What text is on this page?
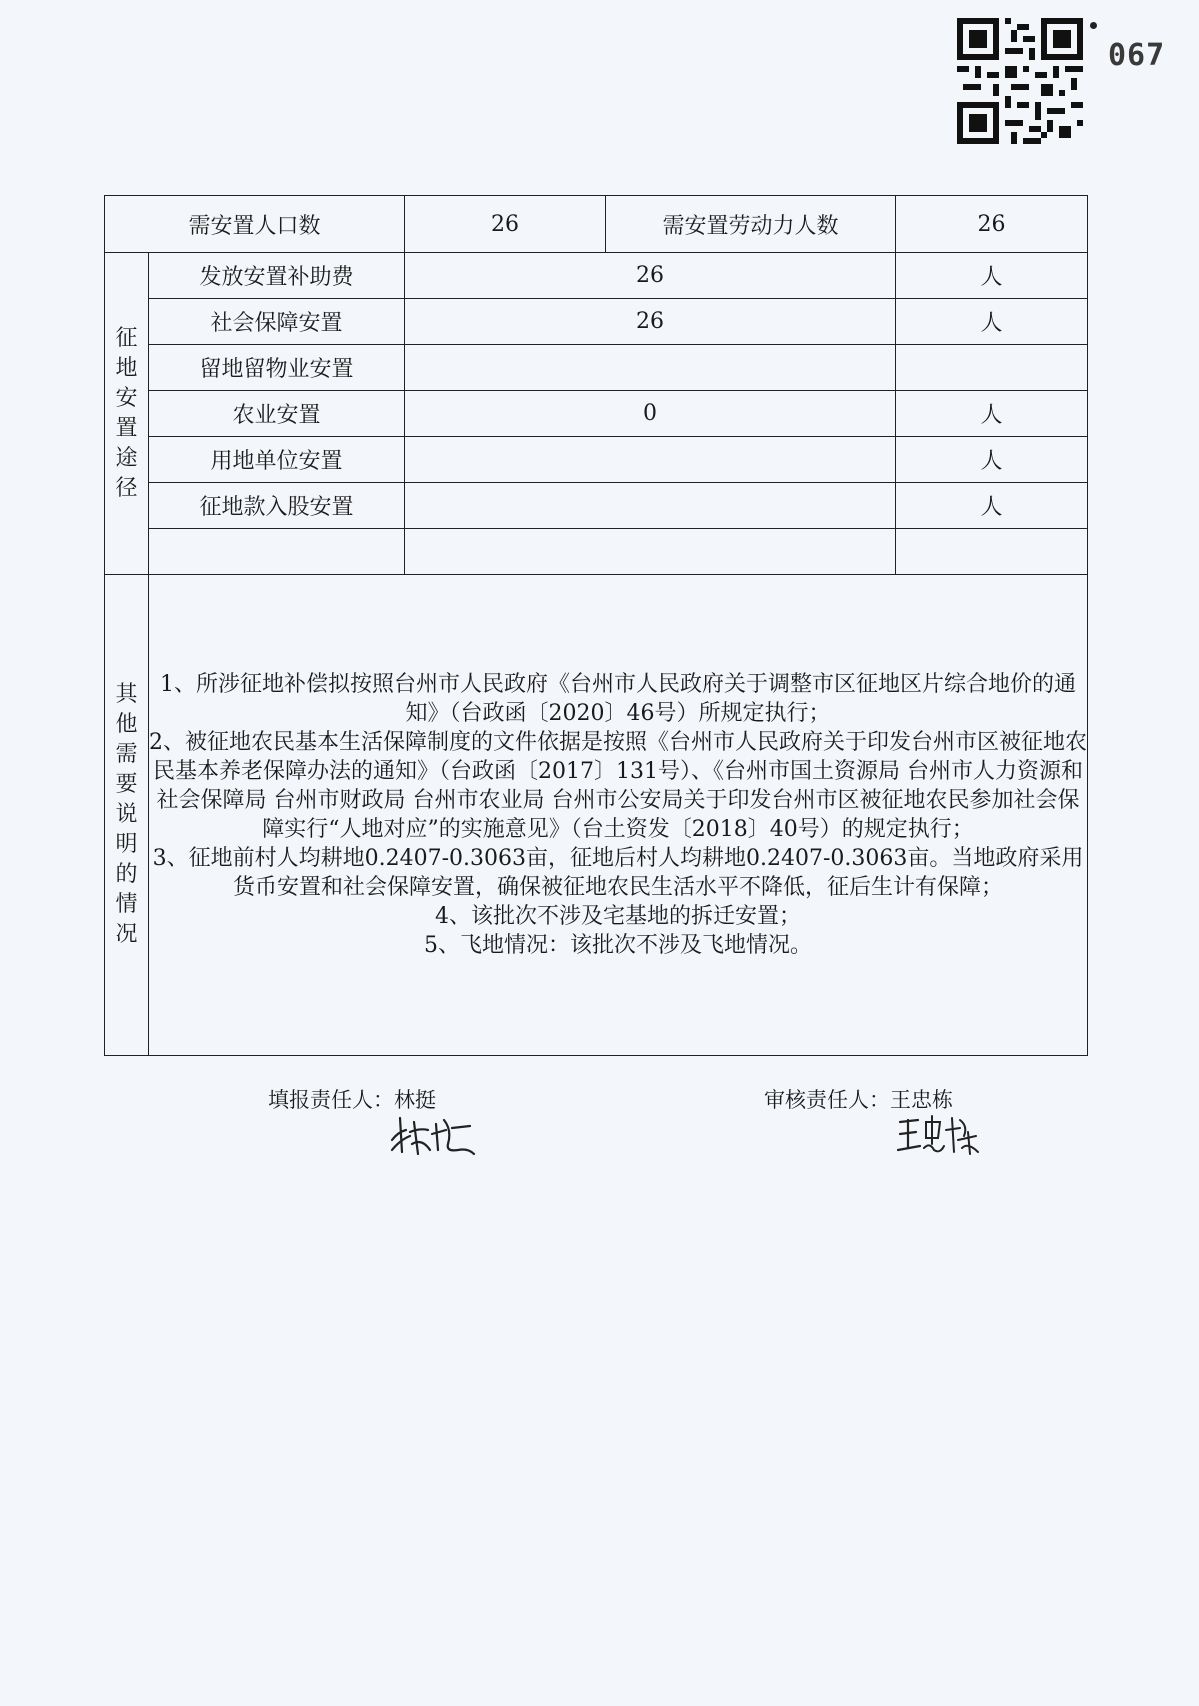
067
需安置人口数		26	需安置劳动力人数	26
征地安置途径	发放安置补助费	26		人
	社会保障安置	26		人
	留地留物业安置			
	农业安置	0		人
	用地单位安置			人
	征地款入股安置			人

其他需要说明的情况	1、所涉征地补偿拟按照台州市人民政府《台州市人民政府关于调整市区征地区片综合地价的通知》（台政函〔2020〕46号）所规定执行；

2、被征地农民基本生活保障制度的文件依据是按照《台州市人民政府关于印发台州市区被征地农民基本养老保障办法的通知》（台政函〔2017〕131号）、《台州市国土资源局 台州市人力资源和社会保障局 台州市财政局 台州市农业局 台州市公安局关于印发台州市区被征地农民参加社会保障实行“人地对应”的实施意见》（台土资发〔2018〕40号）的规定执行；

3、征地前村人均耕地0.2407-0.3063亩，征地后村人均耕地0.2407-0.3063亩。当地政府采用货币安置和社会保障安置，确保被征地农民生活水平不降低，征后生计有保障；

4、该批次不涉及宅基地的拆迁安置；

5、飞地情况：该批次不涉及飞地情况。			

填报责任人：林挺	审核责任人：王忠栋
